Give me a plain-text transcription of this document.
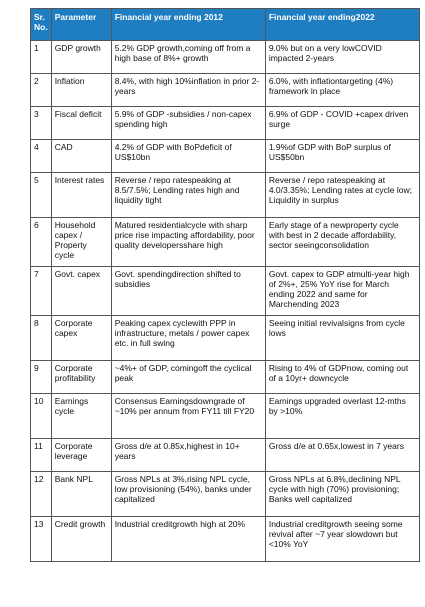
Sr. No.	Parameter	Financial year ending 2012	Financial year ending2022
1	GDP growth	5.2% GDP growth,coming off from a high base of 8%+ growth	9.0% but on a very lowCOVID impacted 2-years
2	Inflation	8.4%, with high 10%inflation in prior 2-years	6.0%, with inflationtargeting (4%) framework in place
3	Fiscal deficit	5.9% of GDP -subsidies / non-capex spending high	6.9% of GDP - COVID +capex driven surge
4	CAD	4.2% of GDP with BoPdeficit of US$10bn	1.9%of GDP with BoP surplus of US$50bn
5	Interest rates	Reverse / repo ratespeaking at 8.5/7.5%; Lending rates high and liquidity tight	Reverse / repo ratespeaking at 4.0/3.35%; Lending rates at cycle low; Liquidity in surplus
6	Household capex / Property cycle	Matured residentialcycle with sharp price rise impacting affordability, poor quality developersshare high	Early stage of a newproperty cycle with best in 2 decade affordability, sector seeingconsolidation
7	Govt. capex	Govt. spendingdirection shifted to subsidies	Govt. capex to GDP atmulti-year high of 2%+, 25% YoY rise for March ending 2022 and same for Marchending 2023
8	Corporate capex	Peaking capex cyclewith PPP in infrastructure, metals / power capex etc. in full swing	Seeing initial revivalsigns from cycle lows
9	Corporate profitability	~4%+ of GDP, comingoff the cyclical peak	Rising to 4% of GDPnow, coming out of a 10yr+ downcycle
10	Earnings cycle	Consensus Earningsdowngrade of ~10% per annum from FY11 till FY20	Earnings upgraded overlast 12-mths by >10%
11	Corporate leverage	Gross d/e at 0.85x,highest in 10+ years	Gross d/e at 0.65x,lowest in 7 years
12	Bank NPL	Gross NPLs at 3%,rising NPL cycle, low provisioning (54%), banks under capitalized	Gross NPLs at 6.8%,declining NPL cycle with high (70%) provisioning; Banks well capitalized
13	Credit growth	Industrial creditgrowth high at 20%	Industrial creditgrowth seeing some revival after ~7 year slowdown but <10% YoY
